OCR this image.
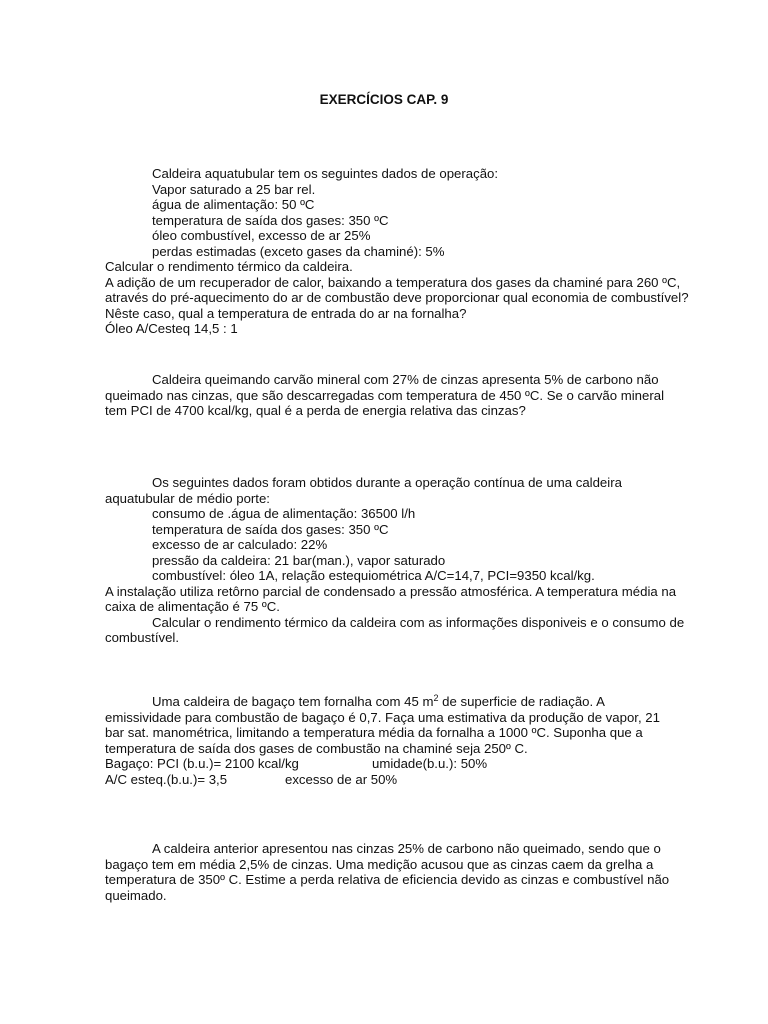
EXERCÍCIOS CAP. 9
Caldeira aquatubular tem os seguintes dados de operação:
Vapor saturado a 25 bar rel.
água de alimentação: 50 ºC
temperatura de saída dos gases: 350 ºC
óleo combustível, excesso de ar 25%
perdas estimadas (exceto gases da chaminé): 5%
Calcular o rendimento térmico da caldeira.
A adição de um recuperador de calor, baixando a temperatura dos gases da chaminé para 260 ºC,
através do pré-aquecimento do ar de combustão deve proporcionar qual economia de combustível?
Nêste caso, qual a temperatura de entrada do ar na fornalha?
Óleo A/Cesteq 14,5 : 1

Caldeira queimando carvão mineral com 27% de cinzas apresenta 5% de carbono não

queimado nas cinzas, que são descarregadas com temperatura de 450 ºC. Se o carvão mineral

tem PCI de 4700 kcal/kg, qual é a perda de energia relativa das cinzas?

Os seguintes dados foram obtidos durante a operação contínua de uma caldeira
aquatubular de médio porte:
consumo de .água de alimentação: 36500 l/h
temperatura de saída dos gases: 350 ºC
excesso de ar calculado: 22%
pressão da caldeira: 21 bar(man.), vapor saturado
combustível: óleo 1A, relação estequiométrica A/C=14,7, PCI=9350 kcal/kg.
A instalação utiliza retôrno parcial de condensado a pressão atmosférica. A temperatura média na
caixa de alimentação é 75 ºC.
Calcular o rendimento térmico da caldeira com as informações disponiveis e o consumo de
combustível.
Uma caldeira de bagaço tem fornalha com 45 $m^2$ de superficie de radiação. A
emissividade para combustão de bagaço é 0,7. Faça uma estimativa da produção de vapor, 21
bar sat. manométrica, limitando a temperatura média da fornalha a 1000 ºC. Suponha que a
temperatura de saída dos gases de combustão na chaminé seja 250º C.
Bagaço: PCI (b.u.)= 2100 kcal/kg	umidade(b.u.): 50%
A/C esteq.(b.u.)= 3,5	excesso de ar 50%
A caldeira anterior apresentou nas cinzas 25% de carbono não queimado, sendo que o
bagaço tem em média 2,5% de cinzas. Uma medição acusou que as cinzas caem da grelha a
temperatura de 350º C. Estime a perda relativa de eficiencia devido as cinzas e combustível não
queimado.
